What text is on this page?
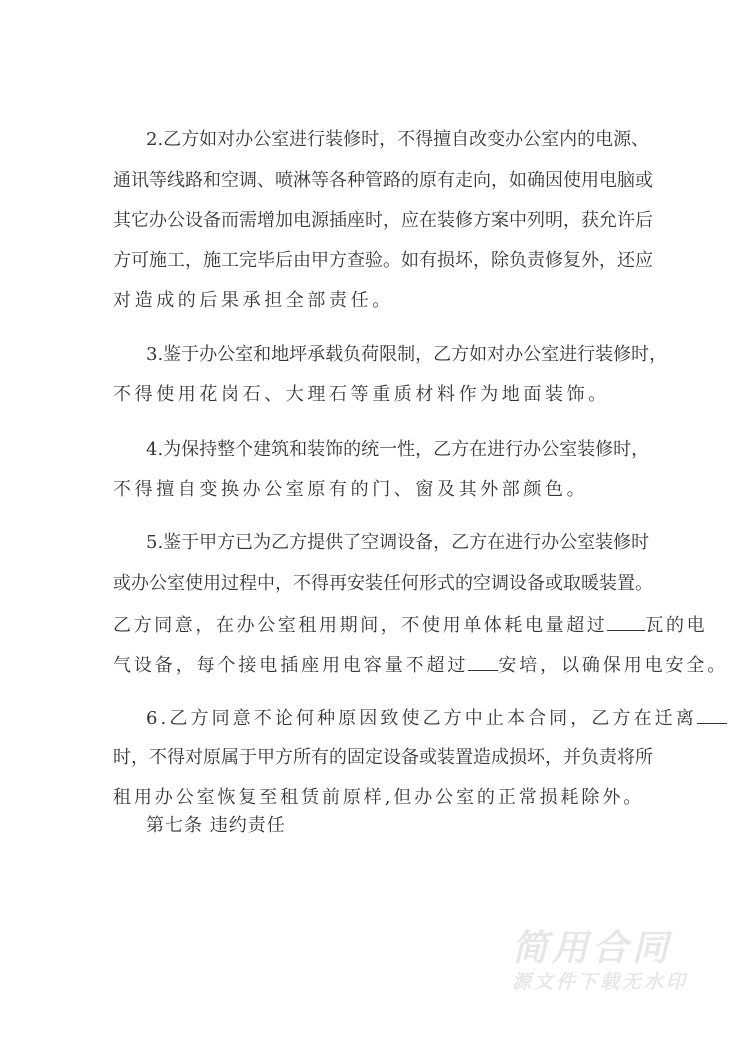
2.乙方如对办公室进行装修时，不得擅自改变办公室内的电源、
通讯等线路和空调、喷淋等各种管路的原有走向，如确因使用电脑或
其它办公设备而需增加电源插座时，应在装修方案中列明，获允许后
方可施工，施工完毕后由甲方查验。如有损坏，除负责修复外，还应
对造成的后果承担全部责任。
3.鉴于办公室和地坪承载负荷限制，乙方如对办公室进行装修时，
不得使用花岗石、大理石等重质材料作为地面装饰。
4.为保持整个建筑和装饰的统一性，乙方在进行办公室装修时，
不得擅自变换办公室原有的门、窗及其外部颜色。
5.鉴于甲方已为乙方提供了空调设备，乙方在进行办公室装修时
或办公室使用过程中，不得再安装任何形式的空调设备或取暖装置。
乙方同意，在办公室租用期间，不使用单体耗电量超过 瓦的电
气设备，每个接电插座用电容量不超过 安培，以确保用电安全。
6.乙方同意不论何种原因致使乙方中止本合同，乙方在迁离
时，不得对原属于甲方所有的固定设备或装置造成损坏，并负责将所
租用办公室恢复至租赁前原样,但办公室的正常损耗除外。
第七条 违约责任
简用合同
源文件下载无水印
